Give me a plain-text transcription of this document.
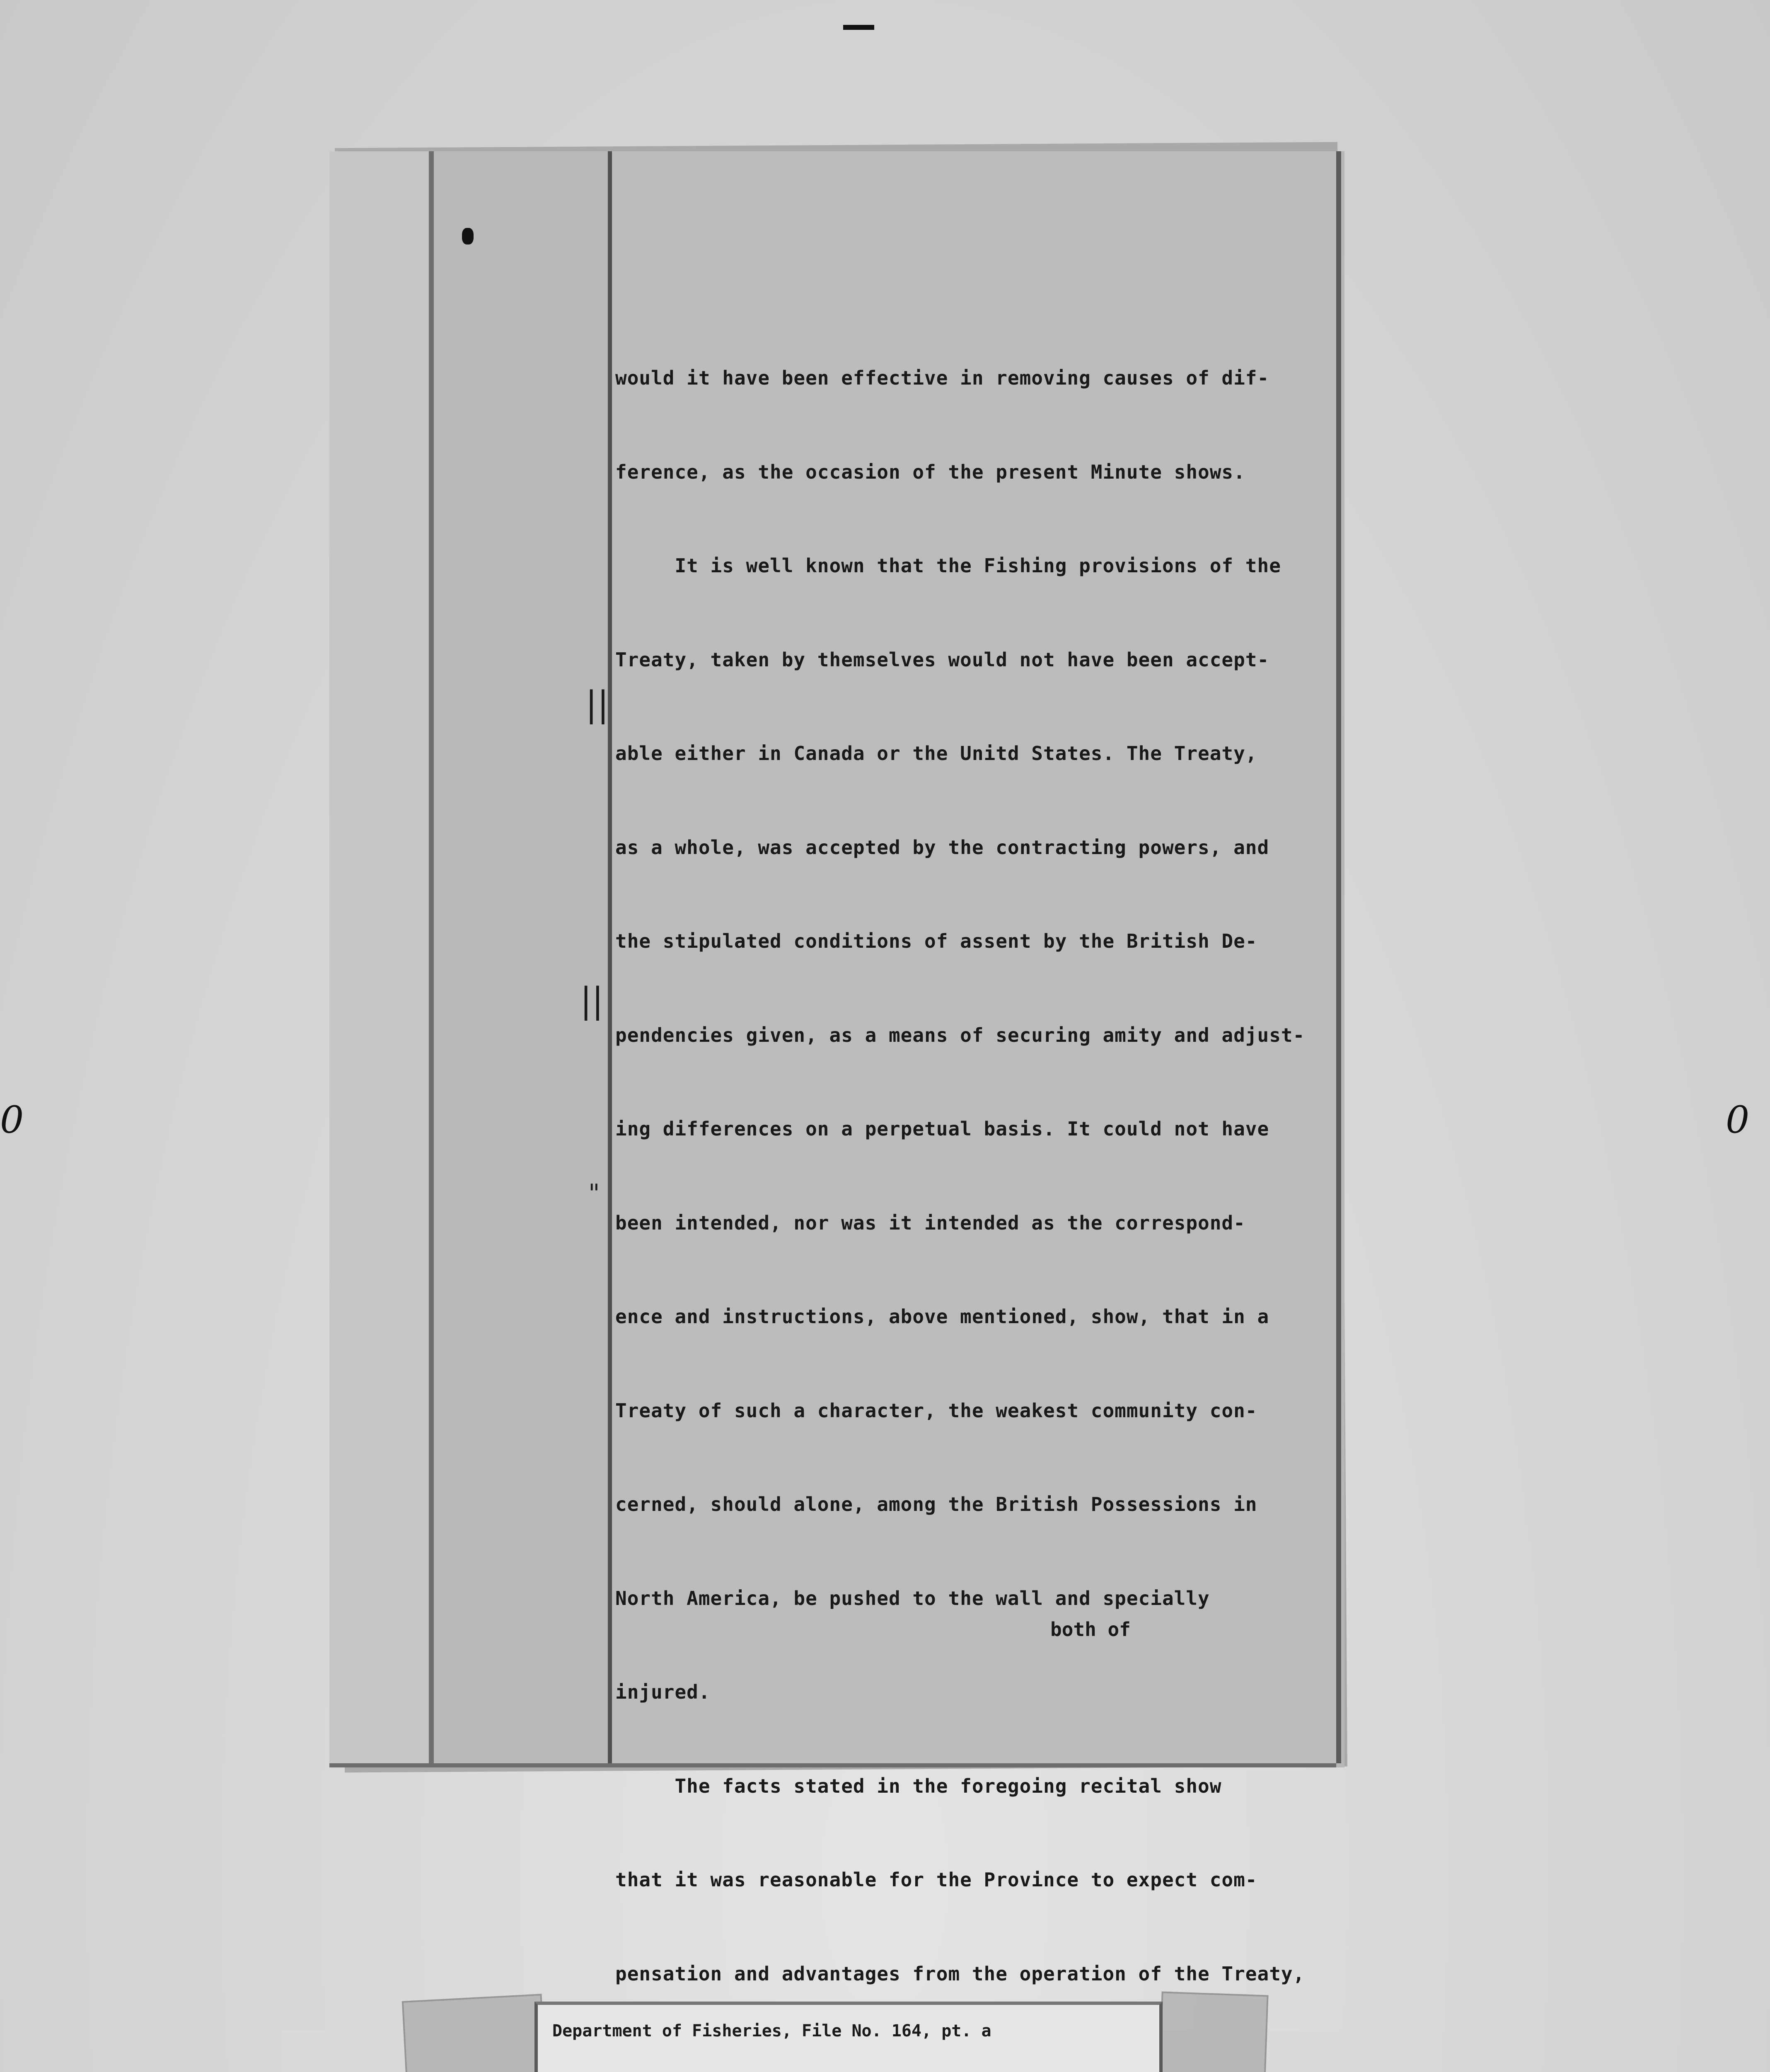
0	0
||
||
"

would it have been effective in removing causes of dif-

ference, as the occasion of the present Minute shows.

It is well known that the Fishing provisions of the

Treaty, taken by themselves would not have been accept-

able either in Canada or the Unitd States. The Treaty,

as a whole, was accepted by the contracting powers, and

the stipulated conditions of assent by the British De-

pendencies given, as a means of securing amity and adjust-

ing differences on a perpetual basis. It could not have

been intended, nor was it intended as the correspond-

ence and instructions, above mentioned, show, that in a

Treaty of such a character, the weakest community con-

cerned, should alone, among the British Possessions in

North America, be pushed to the wall and specially

injured.

The facts stated in the foregoing recital show

that it was reasonable for the Province to expect com-

pensation and advantages from the operation of the Treaty,

both of
Department of Fisheries, File No. 164, pt. a
